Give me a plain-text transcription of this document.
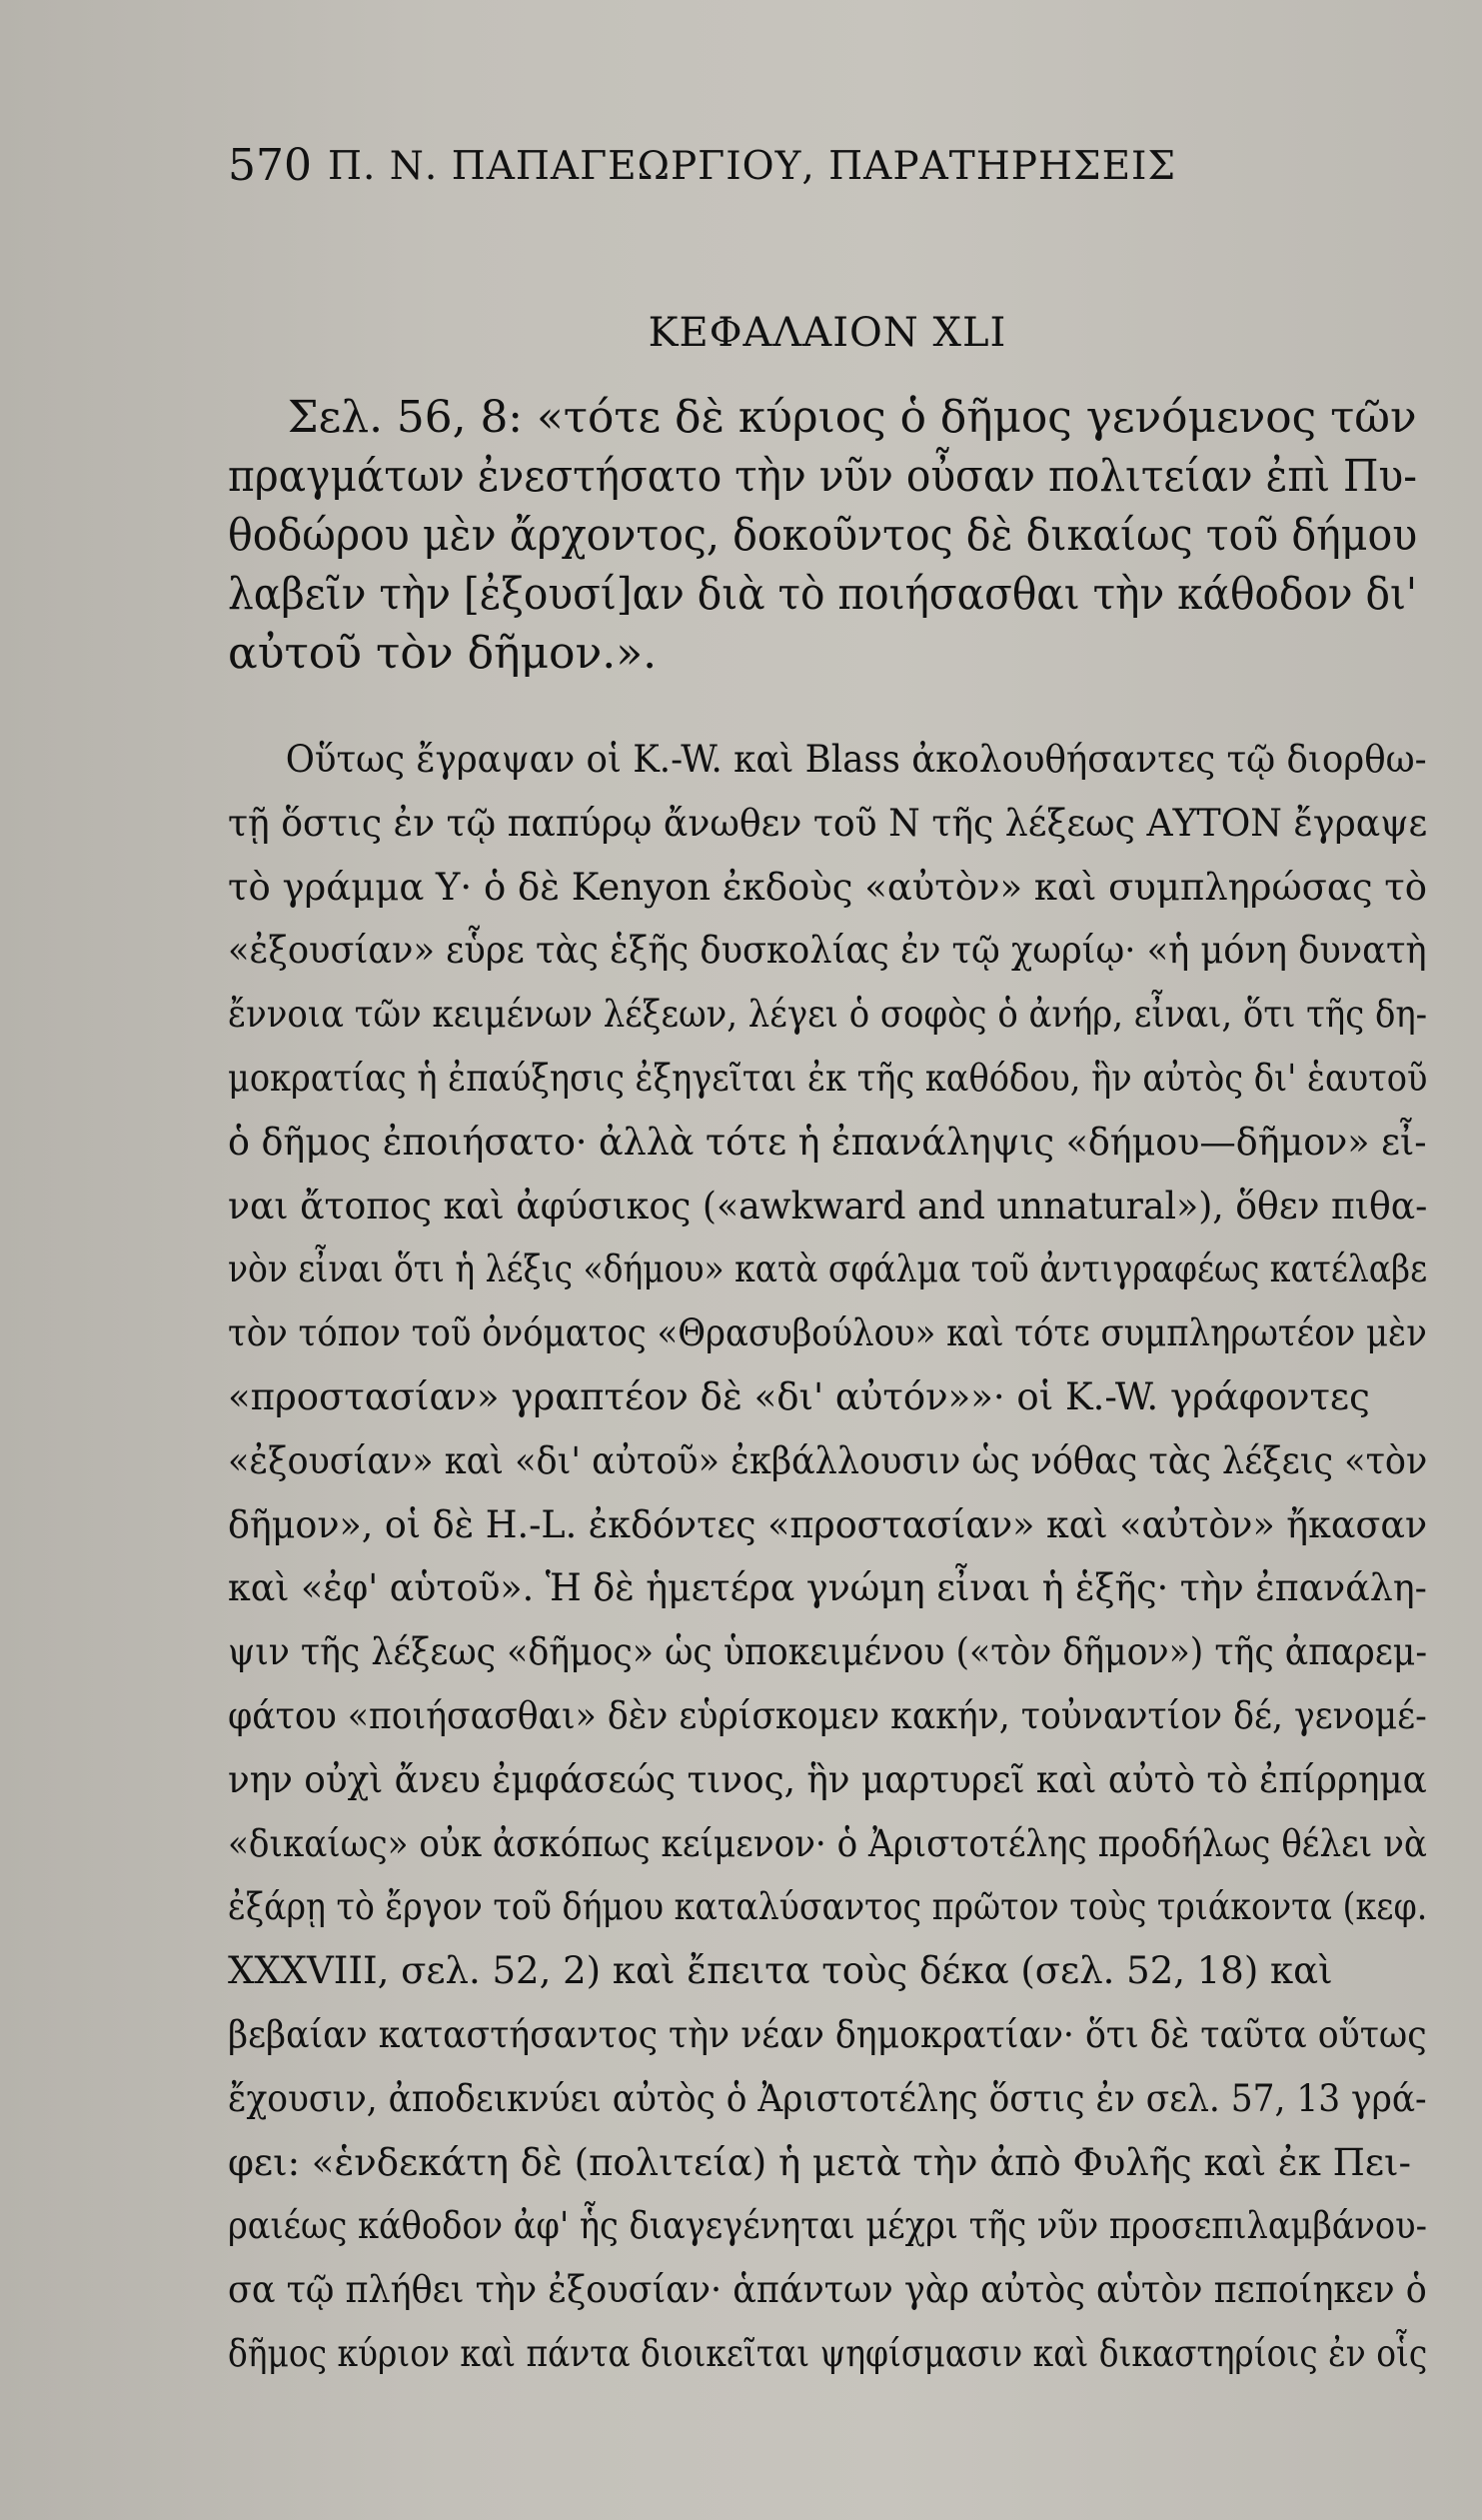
570 Π. Ν. ΠΑΠΑΓΕΩΡΓΙΟΥ, ΠΑΡΑΤΗΡΗΣΕΙΣ
ΚΕΦΑΛΑΙΟΝ XLI
Σελ. 56, 8: «τότε δὲ κύριος ὁ δῆμος γενόμενος τῶν
πραγμάτων ἐνεστήσατο τὴν νῦν οὖσαν πολιτείαν ἐπὶ Πυ-
θοδώρου μὲν ἄρχοντος, δοκοῦντος δὲ δικαίως τοῦ δήμου
λαβεῖν τὴν [ἐξουσί]αν διὰ τὸ ποιήσασθαι τὴν κάθοδον δι'
αὐτοῦ τὸν δῆμον.».
Οὕτως ἔγραψαν οἱ K.-W. καὶ Blass ἀκολουθήσαντες τῷ διορθω-
τῇ ὅστις ἐν τῷ παπύρῳ ἄνωθεν τοῦ Ν τῆς λέξεως ΑΥΤΟΝ ἔγραψε
τὸ γράμμα Υ· ὁ δὲ Kenyon ἐκδοὺς «αὐτὸν» καὶ συμπληρώσας τὸ
«ἐξουσίαν» εὗρε τὰς ἑξῆς δυσκολίας ἐν τῷ χωρίῳ· «ἡ μόνη δυνατὴ
ἔννοια τῶν κειμένων λέξεων, λέγει ὁ σοφὸς ὁ ἀνήρ, εἶναι, ὅτι τῆς δη-
μοκρατίας ἡ ἐπαύξησις ἐξηγεῖται ἐκ τῆς καθόδου, ἣν αὐτὸς δι' ἑαυτοῦ
ὁ δῆμος ἐποιήσατο· ἀλλὰ τότε ἡ ἐπανάληψις «δήμου—δῆμον» εἶ-
ναι ἄτοπος καὶ ἀφύσικος («awkward and unnatural»), ὅθεν πιθα-
νὸν εἶναι ὅτι ἡ λέξις «δήμου» κατὰ σφάλμα τοῦ ἀντιγραφέως κατέλαβε
τὸν τόπον τοῦ ὀνόματος «Θρασυβούλου» καὶ τότε συμπληρωτέον μὲν
«προστασίαν» γραπτέον δὲ «δι' αὐτόν»»· οἱ K.-W. γράφοντες
«ἐξουσίαν» καὶ «δι' αὐτοῦ» ἐκβάλλουσιν ὡς νόθας τὰς λέξεις «τὸν
δῆμον», οἱ δὲ H.-L. ἐκδόντες «προστασίαν» καὶ «αὐτὸν» ἤκασαν
καὶ «ἐφ' αὑτοῦ». Ἡ δὲ ἡμετέρα γνώμη εἶναι ἡ ἑξῆς· τὴν ἐπανάλη-
ψιν τῆς λέξεως «δῆμος» ὡς ὑποκειμένου («τὸν δῆμον») τῆς ἀπαρεμ-
φάτου «ποιήσασθαι» δὲν εὑρίσκομεν κακήν, τοὐναντίον δέ, γενομέ-
νην οὐχὶ ἄνευ ἐμφάσεώς τινος, ἣν μαρτυρεῖ καὶ αὐτὸ τὸ ἐπίρρημα
«δικαίως» οὐκ ἀσκόπως κείμενον· ὁ Ἀριστοτέλης προδήλως θέλει νὰ
ἐξάρῃ τὸ ἔργον τοῦ δήμου καταλύσαντος πρῶτον τοὺς τριάκοντα (κεφ.
XXXVIII, σελ. 52, 2) καὶ ἔπειτα τοὺς δέκα (σελ. 52, 18) καὶ
βεβαίαν καταστήσαντος τὴν νέαν δημοκρατίαν· ὅτι δὲ ταῦτα οὕτως
ἔχουσιν, ἀποδεικνύει αὐτὸς ὁ Ἀριστοτέλης ὅστις ἐν σελ. 57, 13 γρά-
φει: «ἑνδεκάτη δὲ (πολιτεία) ἡ μετὰ τὴν ἀπὸ Φυλῆς καὶ ἐκ Πει-
ραιέως κάθοδον ἀφ' ἧς διαγεγένηται μέχρι τῆς νῦν προσεπιλαμβάνου-
σα τῷ πλήθει τὴν ἐξουσίαν· ἁπάντων γὰρ αὐτὸς αὑτὸν πεποίηκεν ὁ
δῆμος κύριον καὶ πάντα διοικεῖται ψηφίσμασιν καὶ δικαστηρίοις ἐν οἷς
